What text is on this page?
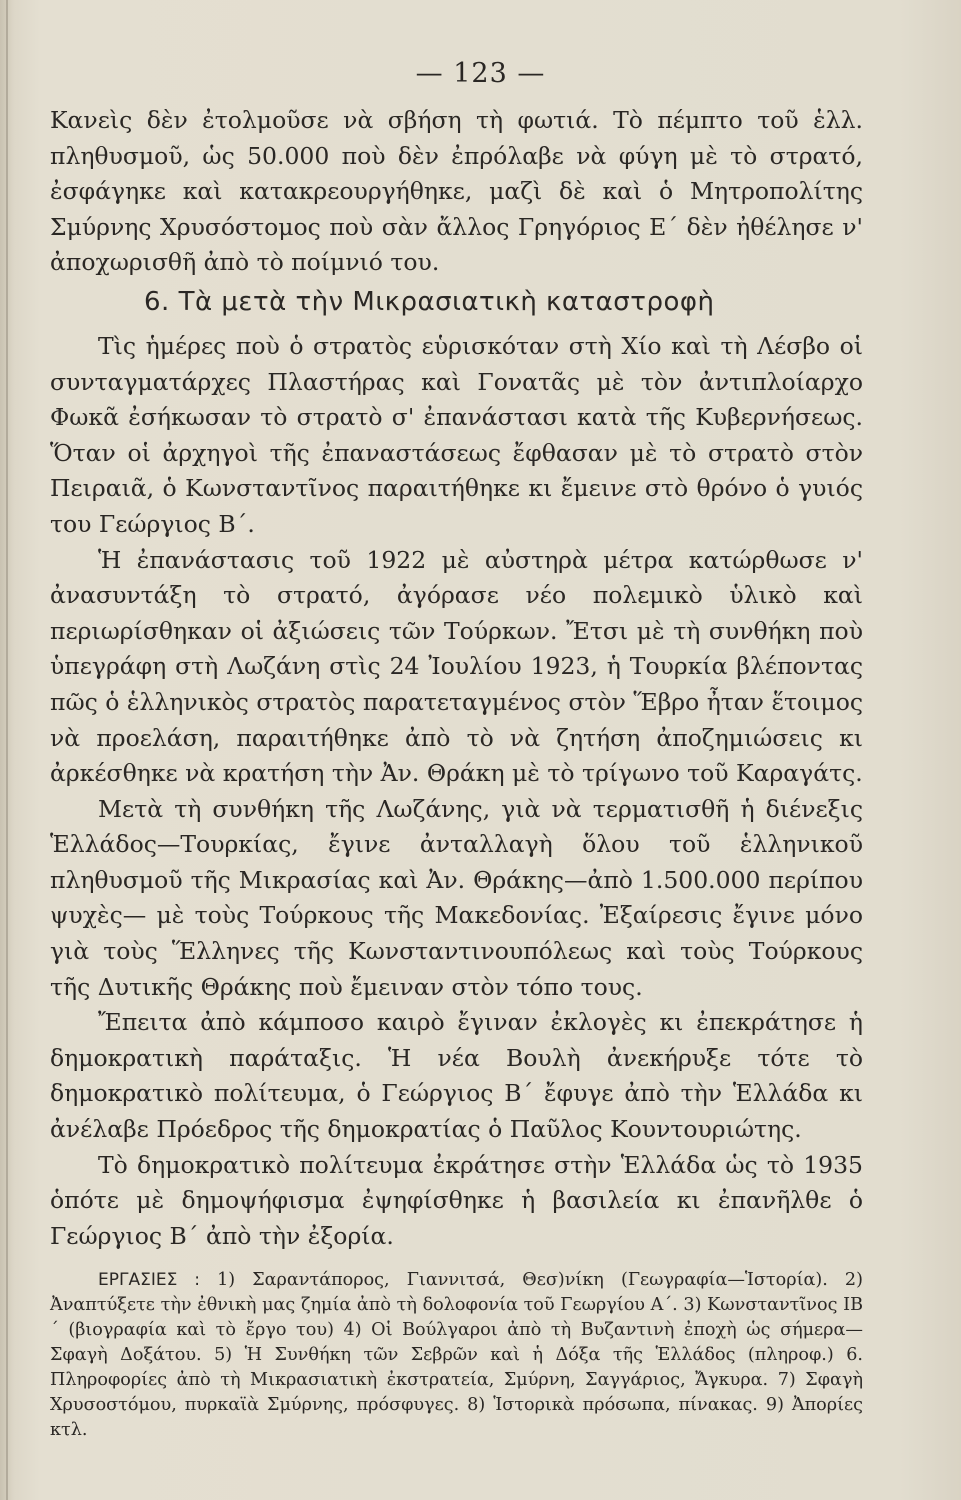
— 123 —

Κανεὶς δὲν ἐτολμοῦσε νὰ σβήση τὴ φωτιά. Τὸ πέμπτο τοῦ ἑλλ. πληθυσμοῦ, ὡς 50.000 ποὺ δὲν ἐπρόλαβε νὰ φύγη μὲ τὸ στρατό, ἐσφάγηκε καὶ κατακρεουργήθηκε, μαζὶ δὲ καὶ ὁ Μητροπολίτης Σμύρνης Χρυσόστομος ποὺ σὰν ἄλλος Γρηγόριος Ε´ δὲν ἠθέλησε ν' ἀποχωρισθῆ ἀπὸ τὸ ποίμνιό του.

6. Τὰ μετὰ τὴν Μικρασιατικὴ καταστροφὴ

Τὶς ἡμέρες ποὺ ὁ στρατὸς εὑρισκόταν στὴ Χίο καὶ τὴ Λέσβο οἱ συνταγματάρχες Πλαστήρας καὶ Γονατᾶς μὲ τὸν ἀντιπλοίαρχο Φωκᾶ ἐσήκωσαν τὸ στρατὸ σ' ἐπανάστασι κατὰ τῆς Κυβερνήσεως. Ὅταν οἱ ἀρχηγοὶ τῆς ἐπαναστάσεως ἔφθασαν μὲ τὸ στρατὸ στὸν Πειραιᾶ, ὁ Κωνσταντῖνος παραιτήθηκε κι ἔμεινε στὸ θρόνο ὁ γυιός του Γεώργιος Β´.

Ἡ ἐπανάστασις τοῦ 1922 μὲ αὐστηρὰ μέτρα κατώρθωσε ν' ἀνασυντάξη τὸ στρατό, ἀγόρασε νέο πολεμικὸ ὑλικὸ καὶ περιωρίσθηκαν οἱ ἀξιώσεις τῶν Τούρκων. Ἔτσι μὲ τὴ συνθήκη ποὺ ὑπεγράφη στὴ Λωζάνη στὶς 24 Ἰουλίου 1923, ἡ Τουρκία βλέποντας πῶς ὁ ἑλληνικὸς στρατὸς παρατεταγμένος στὸν Ἕβρο ἦταν ἕτοιμος νὰ προελάση, παραιτήθηκε ἀπὸ τὸ νὰ ζητήση ἀποζημιώσεις κι ἀρκέσθηκε νὰ κρατήση τὴν Ἀν. Θράκη μὲ τὸ τρίγωνο τοῦ Καραγάτς.

Μετὰ τὴ συνθήκη τῆς Λωζάνης, γιὰ νὰ τερματισθῆ ἡ διένεξις Ἑλλάδος—Τουρκίας, ἔγινε ἀνταλλαγὴ ὅλου τοῦ ἑλληνικοῦ πληθυσμοῦ τῆς Μικρασίας καὶ Ἀν. Θράκης—ἀπὸ 1.500.000 περίπου ψυχὲς— μὲ τοὺς Τούρκους τῆς Μακεδονίας. Ἐξαίρεσις ἔγινε μόνο γιὰ τοὺς Ἕλληνες τῆς Κωνσταντινουπόλεως καὶ τοὺς Τούρκους τῆς Δυτικῆς Θράκης ποὺ ἔμειναν στὸν τόπο τους.

Ἔπειτα ἀπὸ κάμποσο καιρὸ ἔγιναν ἐκλογὲς κι ἐπεκράτησε ἡ δημοκρατικὴ παράταξις. Ἡ νέα Βουλὴ ἀνεκήρυξε τότε τὸ δημοκρατικὸ πολίτευμα, ὁ Γεώργιος Β´ ἔφυγε ἀπὸ τὴν Ἑλλάδα κι ἀνέλαβε Πρόεδρος τῆς δημοκρατίας ὁ Παῦλος Κουντουριώτης.

Τὸ δημοκρατικὸ πολίτευμα ἐκράτησε στὴν Ἑλλάδα ὡς τὸ 1935 ὁπότε μὲ δημοψήφισμα ἐψηφίσθηκε ἡ βασιλεία κι ἐπανῆλθε ὁ Γεώργιος Β´ ἀπὸ τὴν ἐξορία.

ΕΡΓΑΣΙΕΣ : 1) Σαραντάπορος, Γιαννιτσά, Θεσ)νίκη (Γεωγραφία—Ἱστορία). 2) Ἀναπτύξετε τὴν ἐθνικὴ μας ζημία ἀπὸ τὴ δολοφονία τοῦ Γεωργίου Α´. 3) Κωνσταντῖνος ΙΒ´ (βιογραφία καὶ τὸ ἔργο του) 4) Οἱ Βούλγαροι ἀπὸ τὴ Βυζαντινὴ ἐποχὴ ὡς σήμερα—Σφαγὴ Δοξάτου. 5) Ἡ Συνθήκη τῶν Σεβρῶν καὶ ἡ Δόξα τῆς Ἑλλάδος (πληροφ.) 6. Πληροφορίες ἀπὸ τὴ Μικρασιατικὴ ἐκστρατεία, Σμύρνη, Σαγγάριος, Ἄγκυρα. 7) Σφαγὴ Χρυσοστόμου, πυρκαϊὰ Σμύρνης, πρόσφυγες. 8) Ἱστορικὰ πρόσωπα, πίνακας. 9) Ἀπορίες κτλ.
